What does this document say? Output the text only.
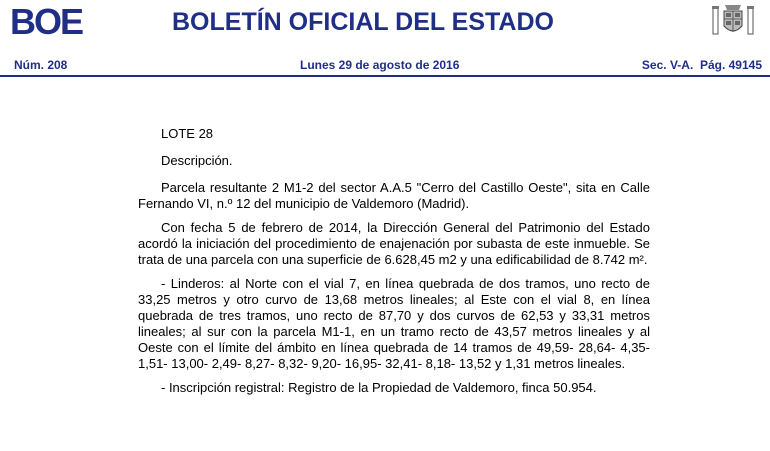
BOE	BOLETÍN OFICIAL DEL ESTADO
Núm. 208	Lunes 29 de agosto de 2016	Sec. V-A.  Pág. 49145

LOTE 28

Descripción.

Parcela resultante 2 M1-2 del sector A.A.5 "Cerro del Castillo Oeste", sita en Calle Fernando VI, n.º 12 del municipio de Valdemoro (Madrid).

Con fecha 5 de febrero de 2014, la Dirección General del Patrimonio del Estado acordó la iniciación del procedimiento de enajenación por subasta de este inmueble. Se trata de una parcela con una superficie de 6.628,45 m2 y una edificabilidad de 8.742 m².

- Linderos: al Norte con el vial 7, en línea quebrada de dos tramos, uno recto de 33,25 metros y otro curvo de 13,68 metros lineales; al Este con el vial 8, en línea quebrada de tres tramos, uno recto de 87,70 y dos curvos de 62,53 y 33,31 metros lineales; al sur con la parcela M1-1, en un tramo recto de 43,57 metros lineales y al Oeste con el límite del ámbito en línea quebrada de 14 tramos de 49,59- 28,64- 4,35- 1,51- 13,00- 2,49- 8,27- 8,32- 9,20- 16,95- 32,41- 8,18- 13,52 y 1,31 metros lineales.

- Inscripción registral: Registro de la Propiedad de Valdemoro, finca 50.954.
